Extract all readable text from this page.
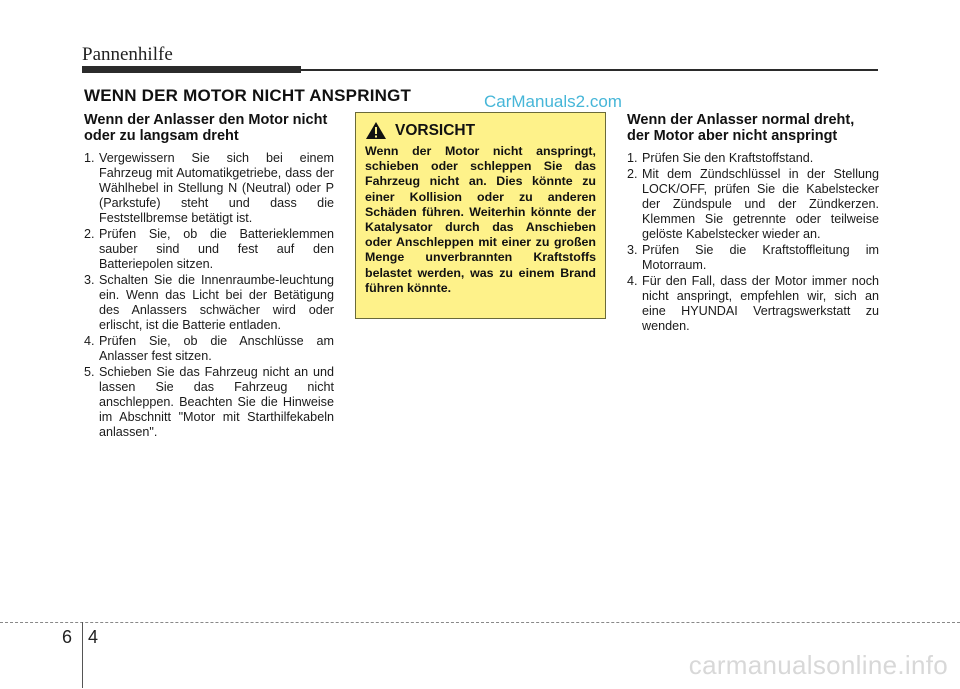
Pannenhilfe
WENN DER MOTOR NICHT ANSPRINGT	CarManuals2.com
Wenn der Anlasser den Motor nicht oder zu langsam dreht
1. Vergewissern Sie sich bei einem Fahrzeug mit Automatikgetriebe, dass der Wählhebel in Stellung N (Neutral) oder P (Parkstufe) steht und dass die Feststellbremse betätigt ist.
2. Prüfen Sie, ob die Batterieklemmen sauber sind und fest auf den Batteriepolen sitzen.
3. Schalten Sie die Innenraumbe-leuchtung ein. Wenn das Licht bei der Betätigung des Anlassers schwächer wird oder erlischt, ist die Batterie entladen.
4. Prüfen Sie, ob die Anschlüsse am Anlasser fest sitzen.
5. Schieben Sie das Fahrzeug nicht an und lassen Sie das Fahrzeug nicht anschleppen. Beachten Sie die Hinweise im Abschnitt "Motor mit Starthilfekabeln anlassen".
VORSICHT
Wenn der Motor nicht anspringt, schieben oder schleppen Sie das Fahrzeug nicht an. Dies könnte zu einer Kollision oder zu anderen Schäden führen. Weiterhin könnte der Katalysator durch das Anschieben oder Anschleppen mit einer zu großen Menge unverbrannten Kraftstoffs belastet werden, was zu einem Brand führen könnte.
Wenn der Anlasser normal dreht, der Motor aber nicht anspringt
1. Prüfen Sie den Kraftstoffstand.
2. Mit dem Zündschlüssel in der Stellung LOCK/OFF, prüfen Sie die Kabelstecker der Zündspule und der Zündkerzen. Klemmen Sie getrennte oder teilweise gelöste Kabelstecker wieder an.
3. Prüfen Sie die Kraftstoffleitung im Motorraum.
4. Für den Fall, dass der Motor immer noch nicht anspringt, empfehlen wir, sich an eine HYUNDAI Vertragswerkstatt zu wenden.
6 4
carmanualsonline.info
